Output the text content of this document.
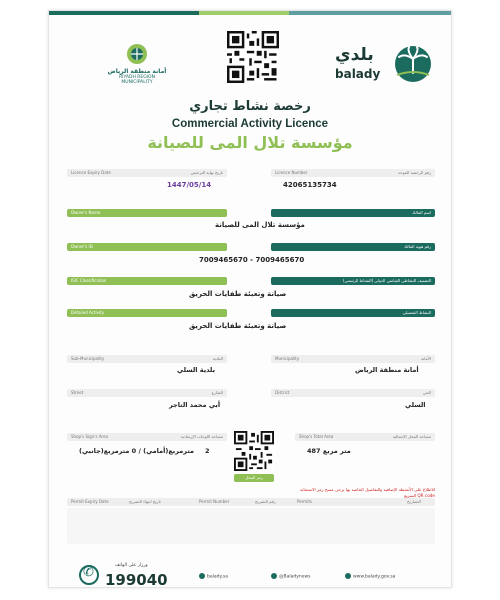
بلدي
balady
أمانة منطقة الرياض
RIYADH REGION MUNICIPALITY
رخصة نشاط تجاري
Commercial Activity Licence
مؤسسة تلال المى للصيانة
Licence Expiry Date	تاريخ نهاية الترخيص
1447/05/14
Licence Number	رقم الرخصة الموحد
42065135734
Owner's Name	اسم المالك
مؤسسة تلال المى للصيانة
Owner's ID	رقم هوية المالك
7009465670 - 7009465670
ISIC Classification	التصنيف النشاطي القياسي الدولي (النشاط الرئيسي)
صيانة وتعبئة طفايات الحريق
Detailed Activity	النشاط التفصيلي
صيانة وتعبئة طفايات الحريق
Sub-Municipality	البلدية
بلدية السلي
Municipality	الأمانة
أمانة منطقة الرياض
Street	الشارع
أبي محمد التاجر
District	الحي
السلي
Shop's Sign's Area	مساحة اللوحات الإرشادية
مترمربع(أمامي) / 0 مترمربع(جانبي) 2
Shop's Total Area	مساحة المحل الإجمالية
487 متر مربع
رمز المحل
للاطلاع على الأنشطة الإضافية والتفاصيل الخاصة بها يرجى مسح رمز الاستجابة السريع QR code
Permit Expiry Date	تاريخ انتهاء التصريح	Permit Number	رقم التصريح	Permits	التصاريح
✆
ورزار على الهاتف
199040	balady.sa	@Baladynews	www.balady.gov.sa
